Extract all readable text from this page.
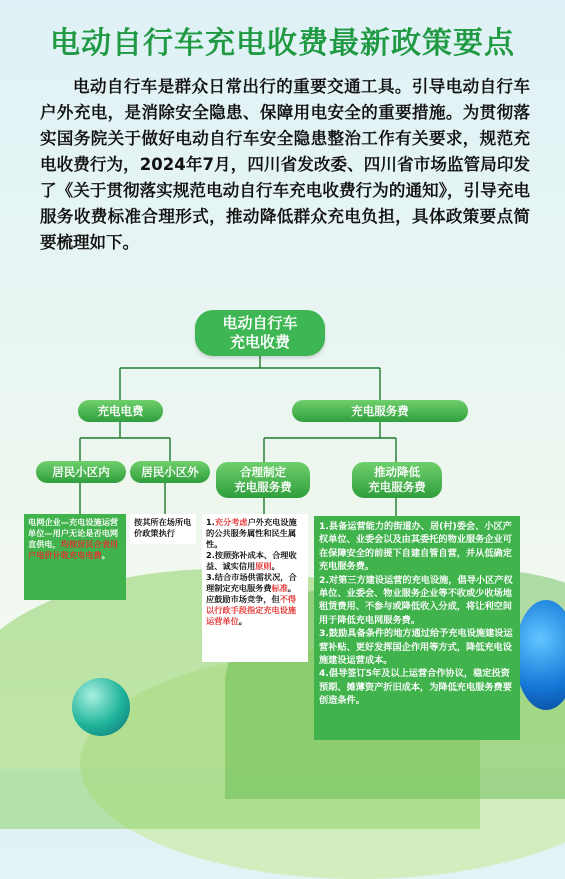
电动自行车充电收费最新政策要点
电动自行车是群众日常出行的重要交通工具。引导电动自行车户外充电，是消除安全隐患、保障用电安全的重要措施。为贯彻落实国务院关于做好电动自行车安全隐患整治工作有关要求，规范充电收费行为，2024年7月，四川省发改委、四川省市场监管局印发了《关于贯彻落实规范电动自行车充电收费行为的通知》，引导充电服务收费标准合理形式，推动降低群众充电负担，具体政策要点简要梳理如下。
电动自行车
充电收费
充电电费	充电服务费
居民小区内	居民小区外	合理制定
充电服务费
推动降低
充电服务费
电网企业—充电设施运营单位—用户无论是否电网直供电，均按居民合表用户电价计收充电电费。
按其所在场所电价政策执行
1.充分考虑户外充电设施的公共服务属性和民生属性。
2.按照弥补成本、合理收益、诚实信用原则。
3.结合市场供需状况，合理制定充电服务费标准。应鼓励市场竞争，但不得以行政手段指定充电设施运营单位。
1.县备运营能力的街道办、居(村)委会、小区产权单位、业委会以及由其委托的物业服务企业可在保障安全的前提下自建自管自营，并从低确定充电服务费。
2.对第三方建设运营的充电设施，倡导小区产权单位、业委会、物业服务企业等不收或少收场地租赁费用、不参与或降低收入分成，将让利空间用于降低充电网服务费。
3.鼓励具备条件的地方通过给予充电设施建设运营补贴、更好发挥国企作用等方式，降低充电设施建设运营成本。
4.倡导签订5年及以上运营合作协议，稳定投资预期、摊薄资产折旧成本，为降低充电服务费要创造条件。
